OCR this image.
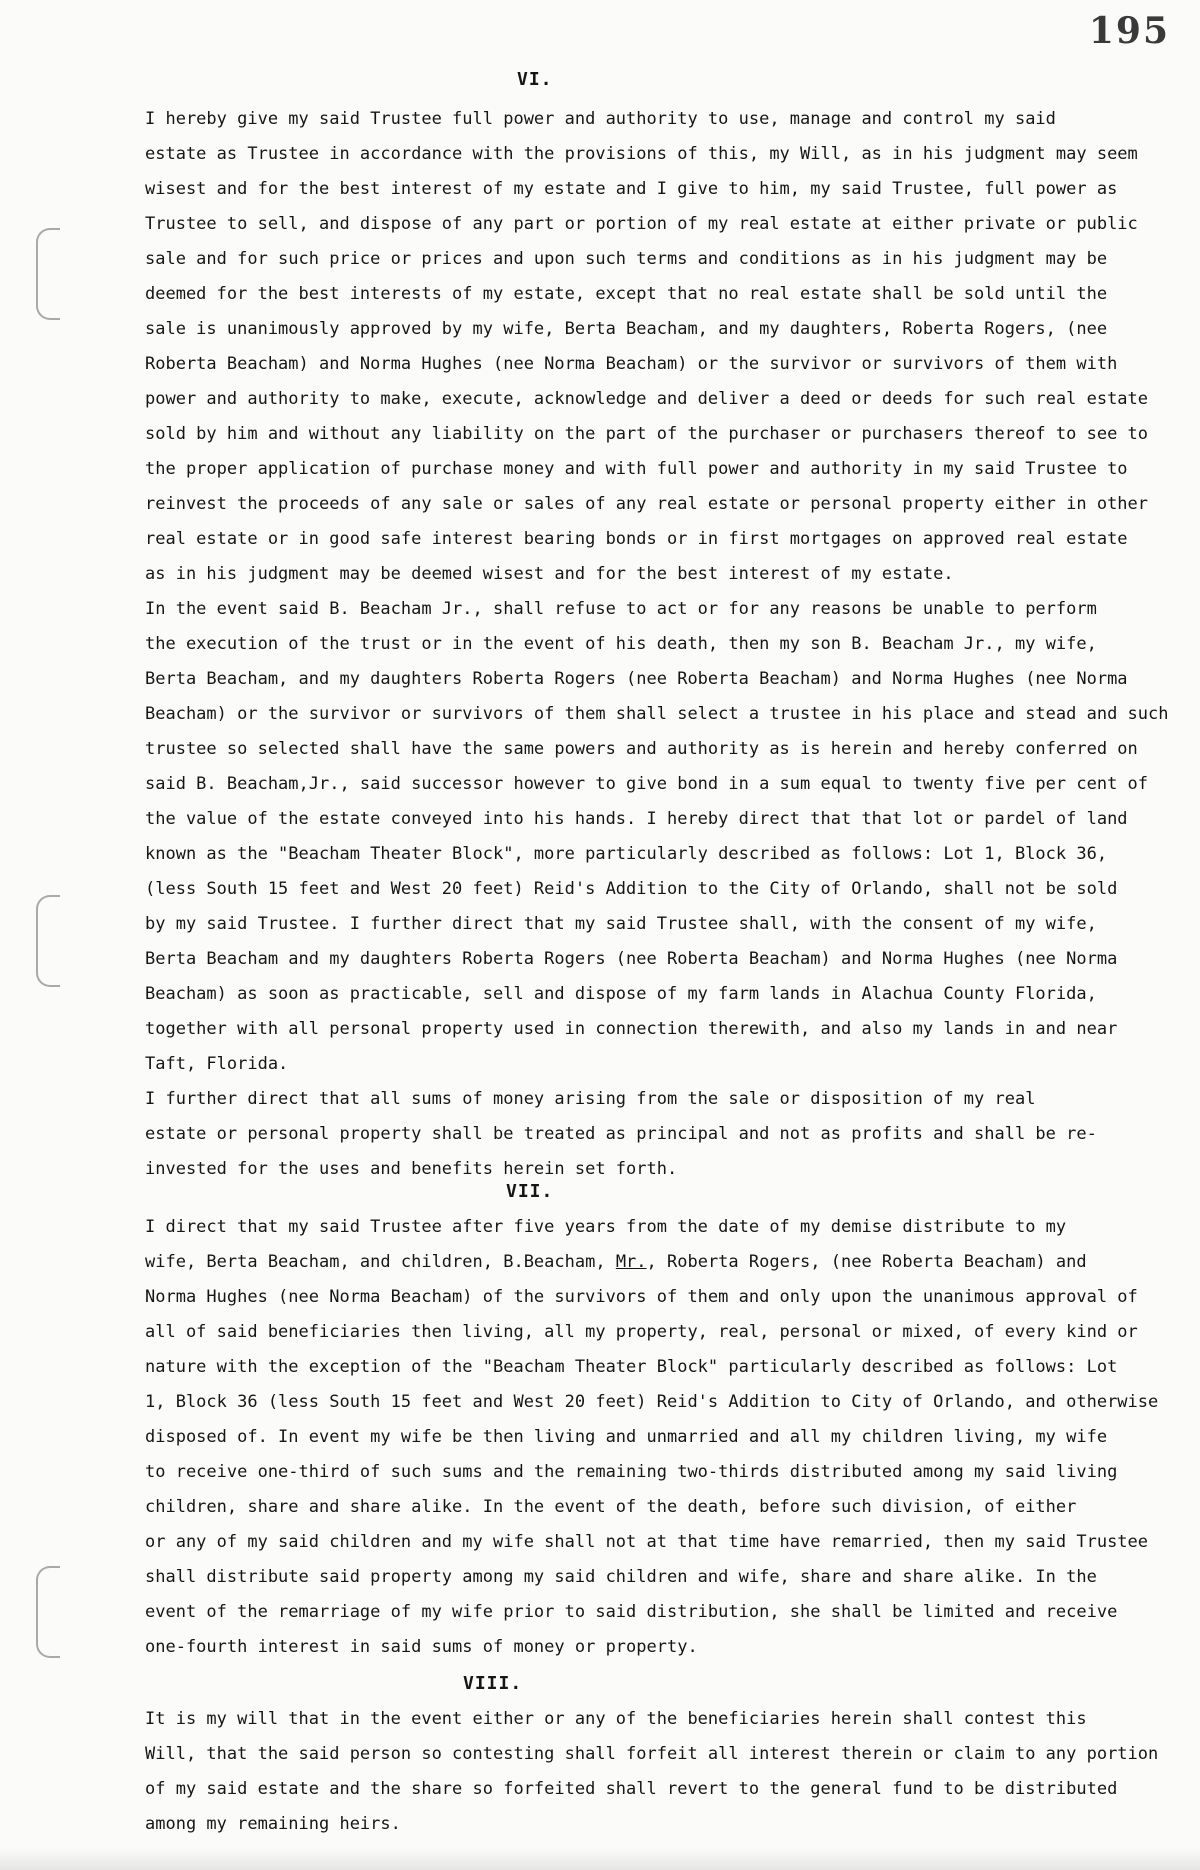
195
VI.
I hereby give my said Trustee full power and authority to use, manage and control my said
estate as Trustee in accordance with the provisions of this, my Will, as in his judgment may seem
wisest and for the best interest of my estate and I give to him, my said Trustee, full power as
Trustee to sell, and dispose of any part or portion of my real estate at either private or public
sale and for such price or prices and upon such terms and conditions as in his judgment may be
deemed for the best interests of my estate, except that no real estate shall be sold until the
sale is unanimously approved by my wife, Berta Beacham, and my daughters, Roberta Rogers, (nee
Roberta Beacham) and Norma Hughes (nee Norma Beacham) or the survivor or survivors of them with
power and authority to make, execute, acknowledge and deliver a deed or deeds for such real estate
sold by him and without any liability on the part of the purchaser or purchasers thereof to see to
the proper application of purchase money and with full power and authority in my said Trustee to
reinvest the proceeds of any sale or sales of any real estate or personal property either in other
real estate or in good safe interest bearing bonds or in first mortgages on approved real estate
as in his judgment may be deemed wisest and for the best interest of my estate.
In the event said B. Beacham Jr., shall refuse to act or for any reasons be unable to perform
the execution of the trust or in the event of his death, then my son B. Beacham Jr., my wife,
Berta Beacham, and my daughters Roberta Rogers (nee Roberta Beacham) and Norma Hughes (nee Norma
Beacham) or the survivor or survivors of them shall select a trustee in his place and stead and such
trustee so selected shall have the same powers and authority as is herein and hereby conferred on
said B. Beacham,Jr., said successor however to give bond in a sum equal to twenty five per cent of
the value of the estate conveyed into his hands. I hereby direct that that lot or pardel of land
known as the "Beacham Theater Block", more particularly described as follows: Lot 1, Block 36,
(less South 15 feet and West 20 feet) Reid's Addition to the City of Orlando, shall not be sold
by my said Trustee. I further direct that my said Trustee shall, with the consent of my wife,
Berta Beacham and my daughters Roberta Rogers (nee Roberta Beacham) and Norma Hughes (nee Norma
Beacham) as soon as practicable, sell and dispose of my farm lands in Alachua County Florida,
together with all personal property used in connection therewith, and also my lands in and near
Taft, Florida.
I further direct that all sums of money arising from the sale or disposition of my real
estate or personal property shall be treated as principal and not as profits and shall be re-
invested for the uses and benefits herein set forth.
VII.
I direct that my said Trustee after five years from the date of my demise distribute to my
wife, Berta Beacham, and children, B.Beacham, Mr., Roberta Rogers, (nee Roberta Beacham) and
Norma Hughes (nee Norma Beacham) of the survivors of them and only upon the unanimous approval of
all of said beneficiaries then living, all my property, real, personal or mixed, of every kind or
nature with the exception of the "Beacham Theater Block" particularly described as follows: Lot
1, Block 36 (less South 15 feet and West 20 feet) Reid's Addition to City of Orlando, and otherwise
disposed of. In event my wife be then living and unmarried and all my children living, my wife
to receive one-third of such sums and the remaining two-thirds distributed among my said living
children, share and share alike. In the event of the death, before such division, of either
or any of my said children and my wife shall not at that time have remarried, then my said Trustee
shall distribute said property among my said children and wife, share and share alike. In the
event of the remarriage of my wife prior to said distribution, she shall be limited and receive
one-fourth interest in said sums of money or property.
VIII.
It is my will that in the event either or any of the beneficiaries herein shall contest this
Will, that the said person so contesting shall forfeit all interest therein or claim to any portion
of my said estate and the share so forfeited shall revert to the general fund to be distributed
among my remaining heirs.
